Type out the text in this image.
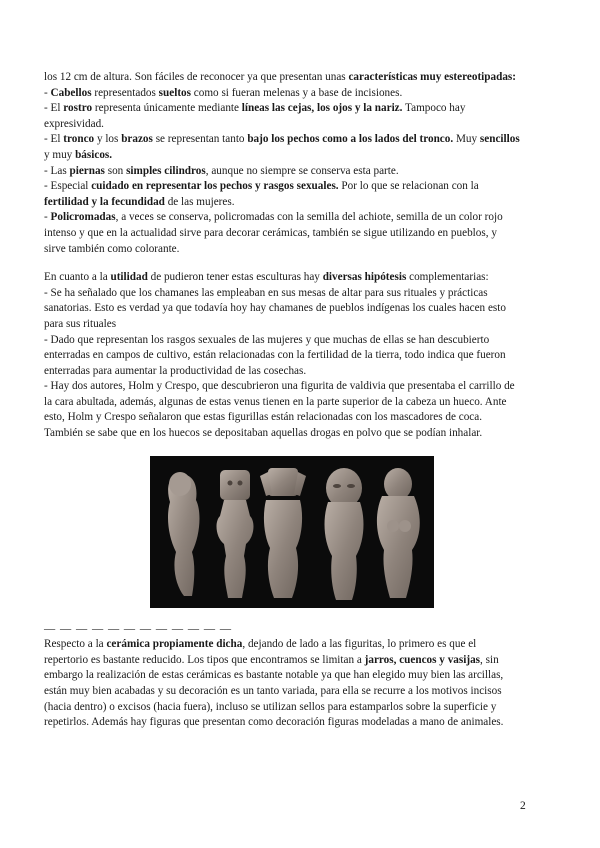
los 12 cm de altura. Son fáciles de reconocer ya que presentan unas características muy estereotipadas:
- Cabellos representados sueltos como si fueran melenas y a base de incisiones.
- El rostro representa únicamente mediante líneas las cejas, los ojos y la nariz. Tampoco hay
expresividad.
- El tronco y los brazos se representan tanto bajo los pechos como a los lados del tronco. Muy sencillos
y muy básicos.
- Las piernas son simples cilindros, aunque no siempre se conserva esta parte.
- Especial cuidado en representar los pechos y rasgos sexuales. Por lo que se relacionan con la
fertilidad y la fecundidad de las mujeres.
- Policromadas, a veces se conserva, policromadas con la semilla del achiote, semilla de un color rojo
intenso y que en la actualidad sirve para decorar cerámicas, también se sigue utilizando en pueblos, y
sirve también como colorante.
En cuanto a la utilidad de pudieron tener estas esculturas hay diversas hipótesis complementarias:
- Se ha señalado que los chamanes las empleaban en sus mesas de altar para sus rituales y prácticas
sanatorias. Esto es verdad ya que todavía hoy hay chamanes de pueblos indígenas los cuales hacen esto
para sus rituales
- Dado que representan los rasgos sexuales de las mujeres y que muchas de ellas se han descubierto
enterradas en campos de cultivo, están relacionadas con la fertilidad de la tierra, todo indica que fueron
enterradas para aumentar la productividad de las cosechas.
- Hay dos autores, Holm y Crespo, que descubrieron una figurita de valdivia que presentaba el carrillo de
la cara abultada, además, algunas de estas venus tienen en la parte superior de la cabeza un hueco. Ante
esto, Holm y Crespo señalaron que estas figurillas están relacionadas con los mascadores de coca.
También se sabe que en los huecos se depositaban aquellas drogas en polvo que se podían inhalar.
— — — — — — — — — — — —
Respecto a la cerámica propiamente dicha, dejando de lado a las figuritas, lo primero es que el
repertorio es bastante reducido. Los tipos que encontramos se limitan a jarros, cuencos y vasijas, sin
embargo la realización de estas cerámicas es bastante notable ya que han elegido muy bien las arcillas,
están muy bien acabadas y su decoración es un tanto variada, para ella se recurre a los motivos incisos
(hacia dentro) o excisos (hacia fuera), incluso se utilizan sellos para estamparlos sobre la superficie y
repetirlos. Además hay figuras que presentan como decoración figuras modeladas a mano de animales.
2
